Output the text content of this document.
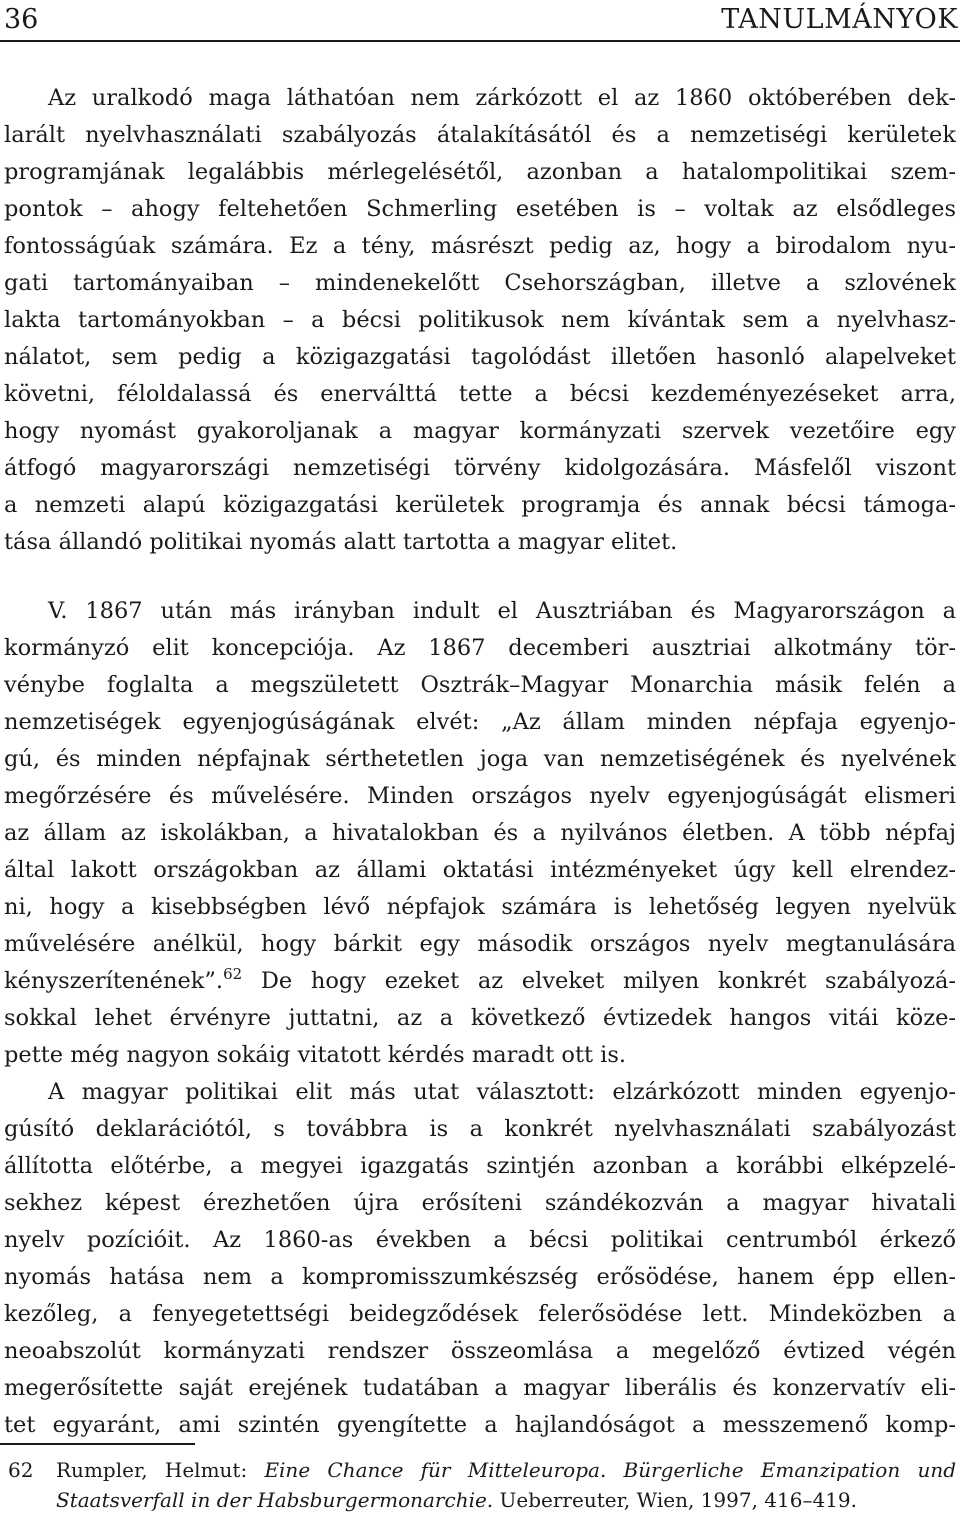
36	TANULMÁNYOK
Az uralkodó maga láthatóan nem zárkózott el az 1860 októberében dek-
larált nyelvhasználati szabályozás átalakításától és a nemzetiségi kerületek
programjának legalábbis mérlegelésétől, azonban a hatalompolitikai szem-
pontok – ahogy feltehetően Schmerling esetében is – voltak az elsődleges
fontosságúak számára. Ez a tény, másrészt pedig az, hogy a birodalom nyu-
gati tartományaiban – mindenekelőtt Csehországban, illetve a szlovének
lakta tartományokban – a bécsi politikusok nem kívántak sem a nyelvhasz-
nálatot, sem pedig a közigazgatási tagolódást illetően hasonló alapelveket
követni, féloldalassá és enerválttá tette a bécsi kezdeményezéseket arra,
hogy nyomást gyakoroljanak a magyar kormányzati szervek vezetőire egy
átfogó magyarországi nemzetiségi törvény kidolgozására. Másfelől viszont
a nemzeti alapú közigazgatási kerületek programja és annak bécsi támoga-
tása állandó politikai nyomás alatt tartotta a magyar elitet.
V. 1867 után más irányban indult el Ausztriában és Magyarországon a
kormányzó elit koncepciója. Az 1867 decemberi ausztriai alkotmány tör-
vénybe foglalta a megszületett Osztrák–Magyar Monarchia másik felén a
nemzetiségek egyenjogúságának elvét: „Az állam minden népfaja egyenjo-
gú, és minden népfajnak sérthetetlen joga van nemzetiségének és nyelvének
megőrzésére és művelésére. Minden országos nyelv egyenjogúságát elismeri
az állam az iskolákban, a hivatalokban és a nyilvános életben. A több népfaj
által lakott országokban az állami oktatási intézményeket úgy kell elrendez-
ni, hogy a kisebbségben lévő népfajok számára is lehetőség legyen nyelvük
művelésére anélkül, hogy bárkit egy második országos nyelv megtanulására
kényszerítenének”.$^{62}$ De hogy ezeket az elveket milyen konkrét szabályozá-
sokkal lehet érvényre juttatni, az a következő évtizedek hangos vitái köze-
pette még nagyon sokáig vitatott kérdés maradt ott is.
A magyar politikai elit más utat választott: elzárkózott minden egyenjo-
gúsító deklarációtól, s továbbra is a konkrét nyelvhasználati szabályozást
állította előtérbe, a megyei igazgatás szintjén azonban a korábbi elképzelé-
sekhez képest érezhetően újra erősíteni szándékozván a magyar hivatali
nyelv pozícióit. Az 1860-as években a bécsi politikai centrumból érkező
nyomás hatása nem a kompromisszumkészség erősödése, hanem épp ellen-
kezőleg, a fenyegetettségi beidegződések felerősödése lett. Mindeközben a
neoabszolút kormányzati rendszer összeomlása a megelőző évtized végén
megerősítette saját erejének tudatában a magyar liberális és konzervatív eli-
tet egyaránt, ami szintén gyengítette a hajlandóságot a messzemenő komp-
62 Rumpler, Helmut: Eine Chance für Mitteleuropa. Bürgerliche Emanzipation und
Staatsverfall in der Habsburgermonarchie. Ueberreuter, Wien, 1997, 416–419.
